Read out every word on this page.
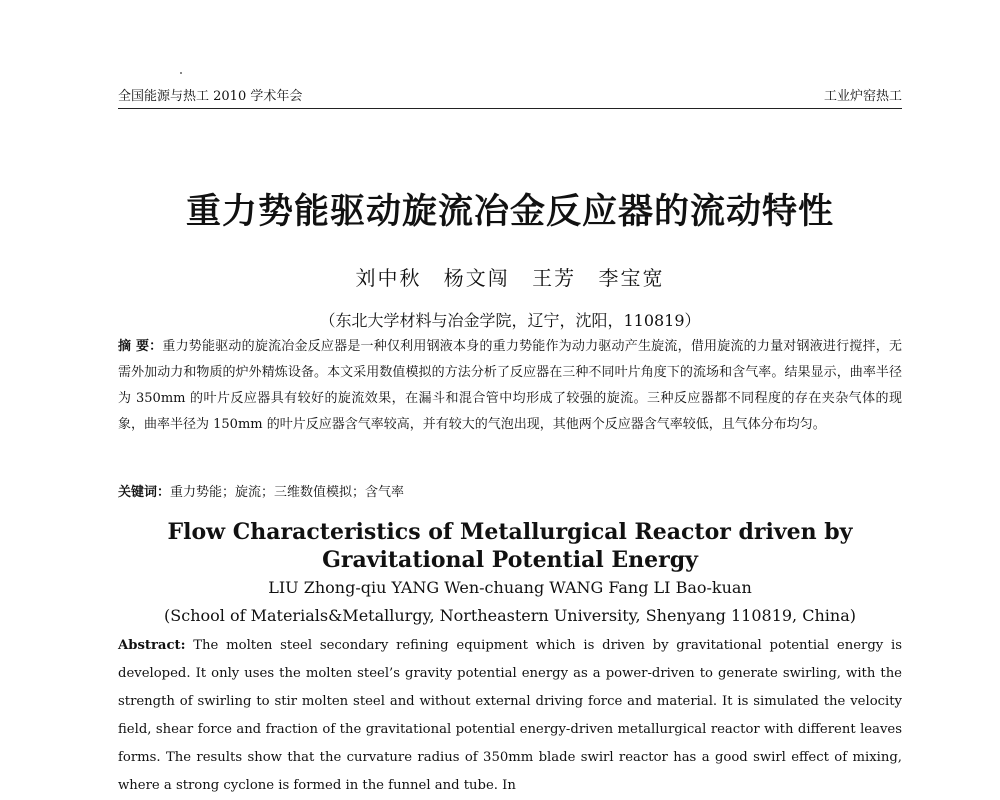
全国能源与热工 2010 学术年会	工业炉窑热工
重力势能驱动旋流冶金反应器的流动特性
刘中秋 杨文闯 王芳 李宝宽
（东北大学材料与冶金学院，辽宁，沈阳，110819）
摘 要：重力势能驱动的旋流冶金反应器是一种仅利用钢液本身的重力势能作为动力驱动产生旋流，借用旋流的力量对钢液进行搅拌，无需外加动力和物质的炉外精炼设备。本文采用数值模拟的方法分析了反应器在三种不同叶片角度下的流场和含气率。结果显示，曲率半径为 350mm 的叶片反应器具有较好的旋流效果，在漏斗和混合管中均形成了较强的旋流。三种反应器都不同程度的存在夹杂气体的现象，曲率半径为 150mm 的叶片反应器含气率较高，并有较大的气泡出现，其他两个反应器含气率较低，且气体分布均匀。
关键词：重力势能；旋流；三维数值模拟；含气率
Flow Characteristics of Metallurgical Reactor driven by Gravitational Potential Energy
LIU Zhong-qiu YANG Wen-chuang WANG Fang LI Bao-kuan
(School of Materials&Metallurgy, Northeastern University, Shenyang 110819, China)
Abstract: The molten steel secondary refining equipment which is driven by gravitational potential energy is developed. It only uses the molten steel’s gravity potential energy as a power-driven to generate swirling, with the strength of swirling to stir molten steel and without external driving force and material. It is simulated the velocity field, shear force and fraction of the gravitational potential energy-driven metallurgical reactor with different leaves forms. The results show that the curvature radius of 350mm blade swirl reactor has a good swirl effect of mixing, where a strong cyclone is formed in the funnel and tube. In
